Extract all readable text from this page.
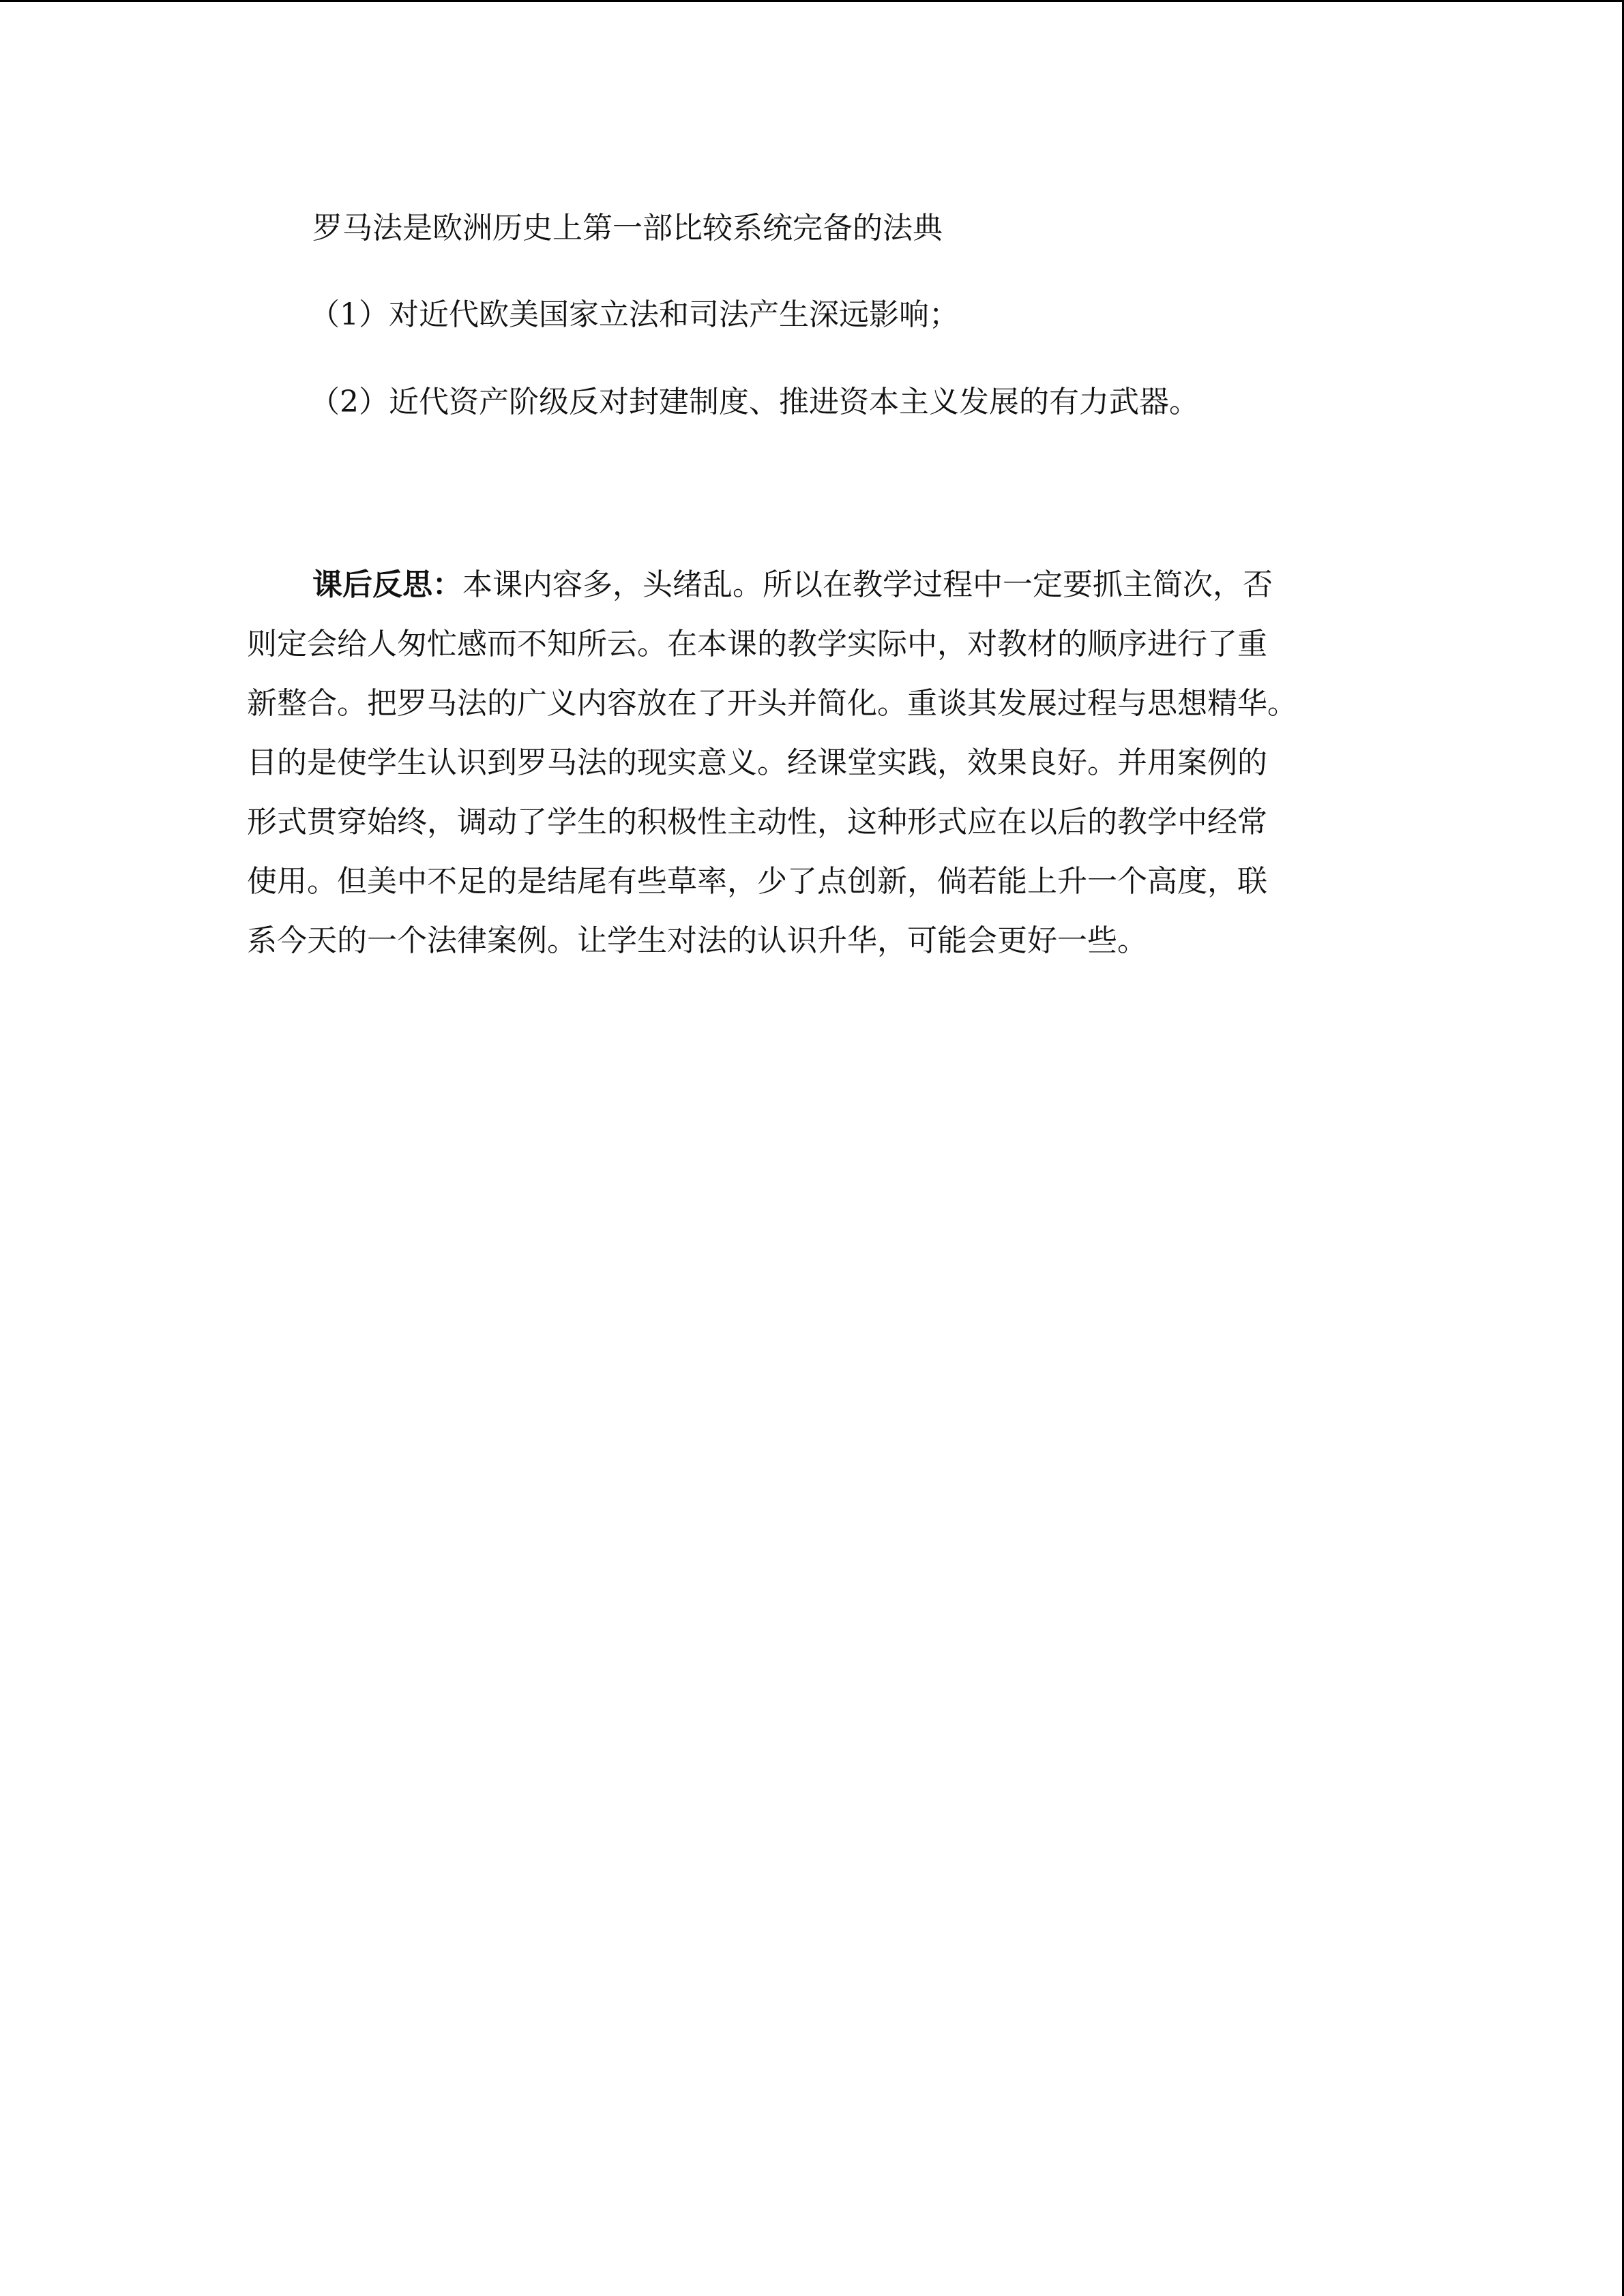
罗马法是欧洲历史上第一部比较系统完备的法典
（1）对近代欧美国家立法和司法产生深远影响；
（2）近代资产阶级反对封建制度、推进资本主义发展的有力武器。
课后反思：本课内容多，头绪乱。所以在教学过程中一定要抓主简次，否
则定会给人匆忙感而不知所云。在本课的教学实际中，对教材的顺序进行了重
新整合。把罗马法的广义内容放在了开头并简化。重谈其发展过程与思想精华。
目的是使学生认识到罗马法的现实意义。经课堂实践，效果良好。并用案例的
形式贯穿始终，调动了学生的积极性主动性，这种形式应在以后的教学中经常
使用。但美中不足的是结尾有些草率，少了点创新，倘若能上升一个高度，联
系今天的一个法律案例。让学生对法的认识升华，可能会更好一些。
